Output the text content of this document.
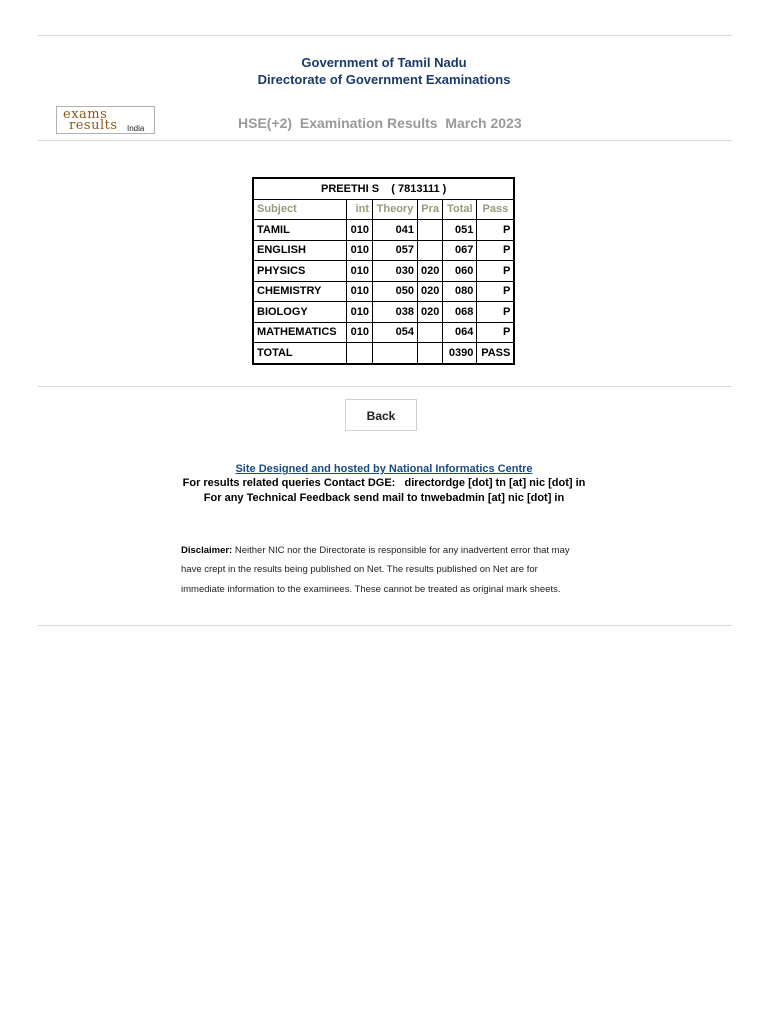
Government of Tamil Nadu
Directorate of Government Examinations
exams
results India	HSE(+2)  Examination Results  March 2023
PREETHI S    ( 7813111 )					
Subject	int	Theory	Pra	Total	Pass
TAMIL	010	041		051	P
ENGLISH	010	057		067	P
PHYSICS	010	030	020	060	P
CHEMISTRY	010	050	020	080	P
BIOLOGY	010	038	020	068	P
MATHEMATICS	010	054		064	P
TOTAL				0390	PASS
Back
Site Designed and hosted by National Informatics Centre
For results related queries Contact DGE:   directordge [dot] tn [at] nic [dot] in
For any Technical Feedback send mail to tnwebadmin [at] nic [dot] in
Disclaimer: Neither NIC nor the Directorate is responsible for any inadvertent error that may have crept in the results being published on Net. The results published on Net are for immediate information to the examinees. These cannot be treated as original mark sheets.
